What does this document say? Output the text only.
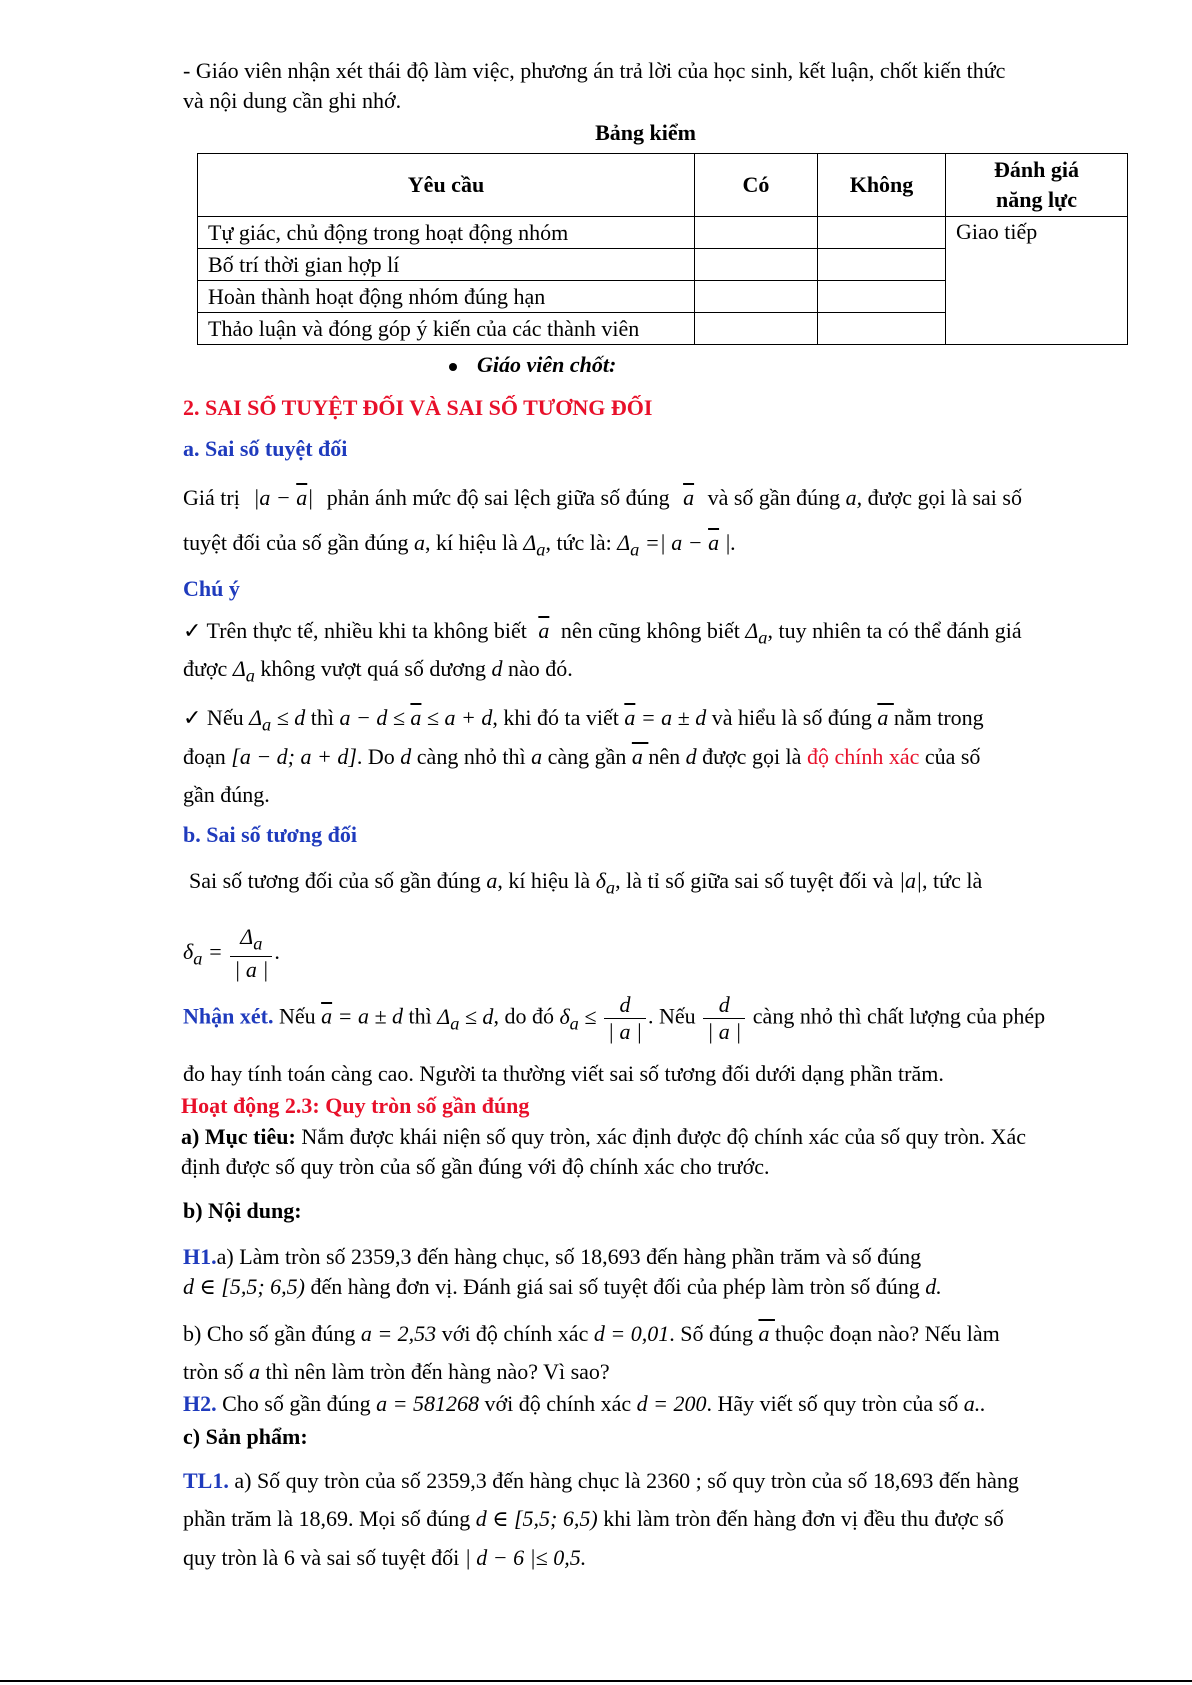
- Giáo viên nhận xét thái độ làm việc, phương án trả lời của học sinh, kết luận, chốt kiến thức
và nội dung cần ghi nhớ.
Bảng kiểm
Yêu cầu	Có	Không	Đánh giá
năng lực
Tự giác, chủ động trong hoạt động nhóm			Giao tiếp
Bố trí thời gian hợp lí			
Hoàn thành hoạt động nhóm đúng hạn			
Thảo luận và đóng góp ý kiến của các thành viên			
Giáo viên chốt:
2. SAI SỐ TUYỆT ĐỐI VÀ SAI SỐ TƯƠNG ĐỐI
a. Sai số tuyệt đối
Giá trị $|a - \overline{a}|$ phản ánh mức độ sai lệch giữa số đúng $\overline{a}$ và số gần đúng a, được gọi là sai số
tuyệt đối của số gần đúng a, kí hiệu là $\Delta_a$, tức là: $\Delta_a$ =| $a - \overline{a}$ |.
Chú ý
✓ Trên thực tế, nhiều khi ta không biết $\overline{a}$ nên cũng không biết $\Delta_a$, tuy nhiên ta có thể đánh giá
được $\Delta_a$ không vượt quá số dương d nào đó.
✓ Nếu $\Delta_a \le d$ thì $a - d \le \overline{a} \le a + d$, khi đó ta viết $\overline{a} = a \pm d$ và hiểu là số đúng a nằm trong
đoạn [a − d; a + d]. Do d càng nhỏ thì a càng gần a nên d được gọi là độ chính xác của số
gần đúng.
b. Sai số tương đối
Sai số tương đối của số gần đúng a, kí hiệu là $\delta_a$, là tỉ số giữa sai số tuyệt đối và |a|, tức là
$\delta_a = \frac{\Delta_a}{| a |}$ .
Nhận xét. Nếu $\overline{a} = a \pm d$ thì $\Delta_a \le d$, do đó $\delta_a \le \frac{d}{| a |}$ . Nếu $\frac{d}{| a |}$ càng nhỏ thì chất lượng của phép
đo hay tính toán càng cao. Người ta thường viết sai số tương đối dưới dạng phần trăm.
Hoạt động 2.3: Quy tròn số gần đúng
a) Mục tiêu: Nắm được khái niện số quy tròn, xác định được độ chính xác của số quy tròn. Xác
định được số quy tròn của số gần đúng với độ chính xác cho trước.
b) Nội dung:
H1.a) Làm tròn số 2359,3 đến hàng chục, số 18,693 đến hàng phần trăm và số đúng
d ∈ [5,5; 6,5) đến hàng đơn vị. Đánh giá sai số tuyệt đối của phép làm tròn số đúng d.
b) Cho số gần đúng a = 2,53 với độ chính xác d = 0,01. Số đúng a thuộc đoạn nào? Nếu làm
tròn số a thì nên làm tròn đến hàng nào? Vì sao?
H2. Cho số gần đúng a = 581268 với độ chính xác d = 200. Hãy viết số quy tròn của số a..
c) Sản phẩm:
TL1. a) Số quy tròn của số 2359,3 đến hàng chục là 2360 ; số quy tròn của số 18,693 đến hàng
phần trăm là 18,69. Mọi số đúng d ∈ [5,5; 6,5) khi làm tròn đến hàng đơn vị đều thu được số
quy tròn là 6 và sai số tuyệt đối | d − 6 |≤ 0,5.
